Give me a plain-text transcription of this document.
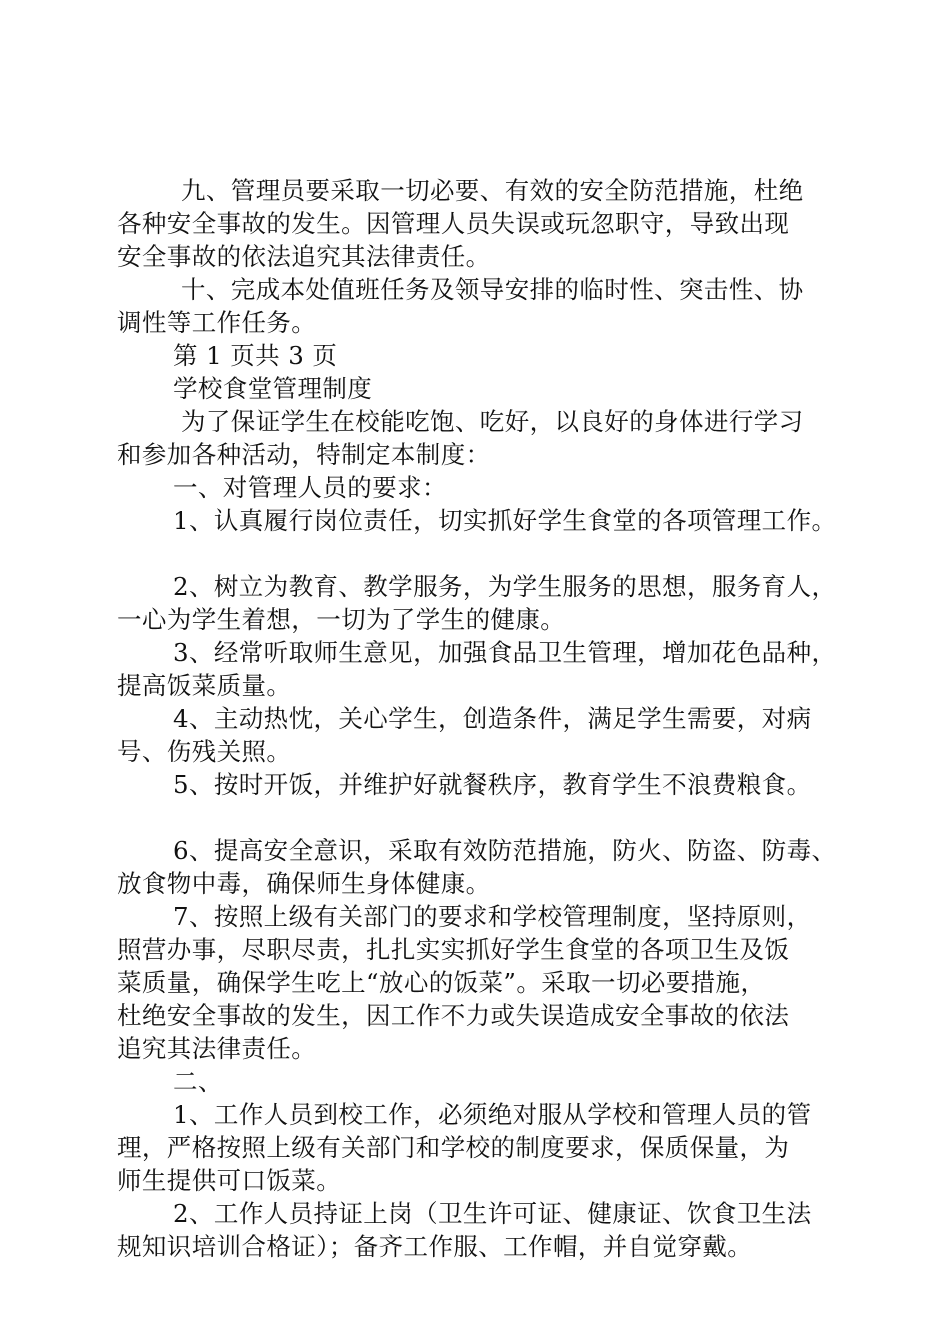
九、管理员要采取一切必要、有效的安全防范措施，杜绝
各种安全事故的发生。因管理人员失误或玩忽职守，导致出现
安全事故的依法追究其法律责任。
十、完成本处值班任务及领导安排的临时性、突击性、协
调性等工作任务。
第 1 页共 3 页
学校食堂管理制度
为了保证学生在校能吃饱、吃好，以良好的身体进行学习
和参加各种活动，特制定本制度：
一、对管理人员的要求：
1、认真履行岗位责任，切实抓好学生食堂的各项管理工作。
2、树立为教育、教学服务，为学生服务的思想，服务育人，
一心为学生着想，一切为了学生的健康。
3、经常听取师生意见，加强食品卫生管理，增加花色品种，
提高饭菜质量。
4、主动热忱，关心学生，创造条件，满足学生需要，对病
号、伤残关照。
5、按时开饭，并维护好就餐秩序，教育学生不浪费粮食。
6、提高安全意识，采取有效防范措施，防火、防盗、防毒、
放食物中毒，确保师生身体健康。
7、按照上级有关部门的要求和学校管理制度，坚持原则，
照营办事，尽职尽责，扎扎实实抓好学生食堂的各项卫生及饭
菜质量，确保学生吃上“放心的饭菜”。采取一切必要措施，
杜绝安全事故的发生，因工作不力或失误造成安全事故的依法
追究其法律责任。
二、
1、工作人员到校工作，必须绝对服从学校和管理人员的管
理，严格按照上级有关部门和学校的制度要求，保质保量，为
师生提供可口饭菜。
2、工作人员持证上岗（卫生许可证、健康证、饮食卫生法
规知识培训合格证）；备齐工作服、工作帽，并自觉穿戴。
